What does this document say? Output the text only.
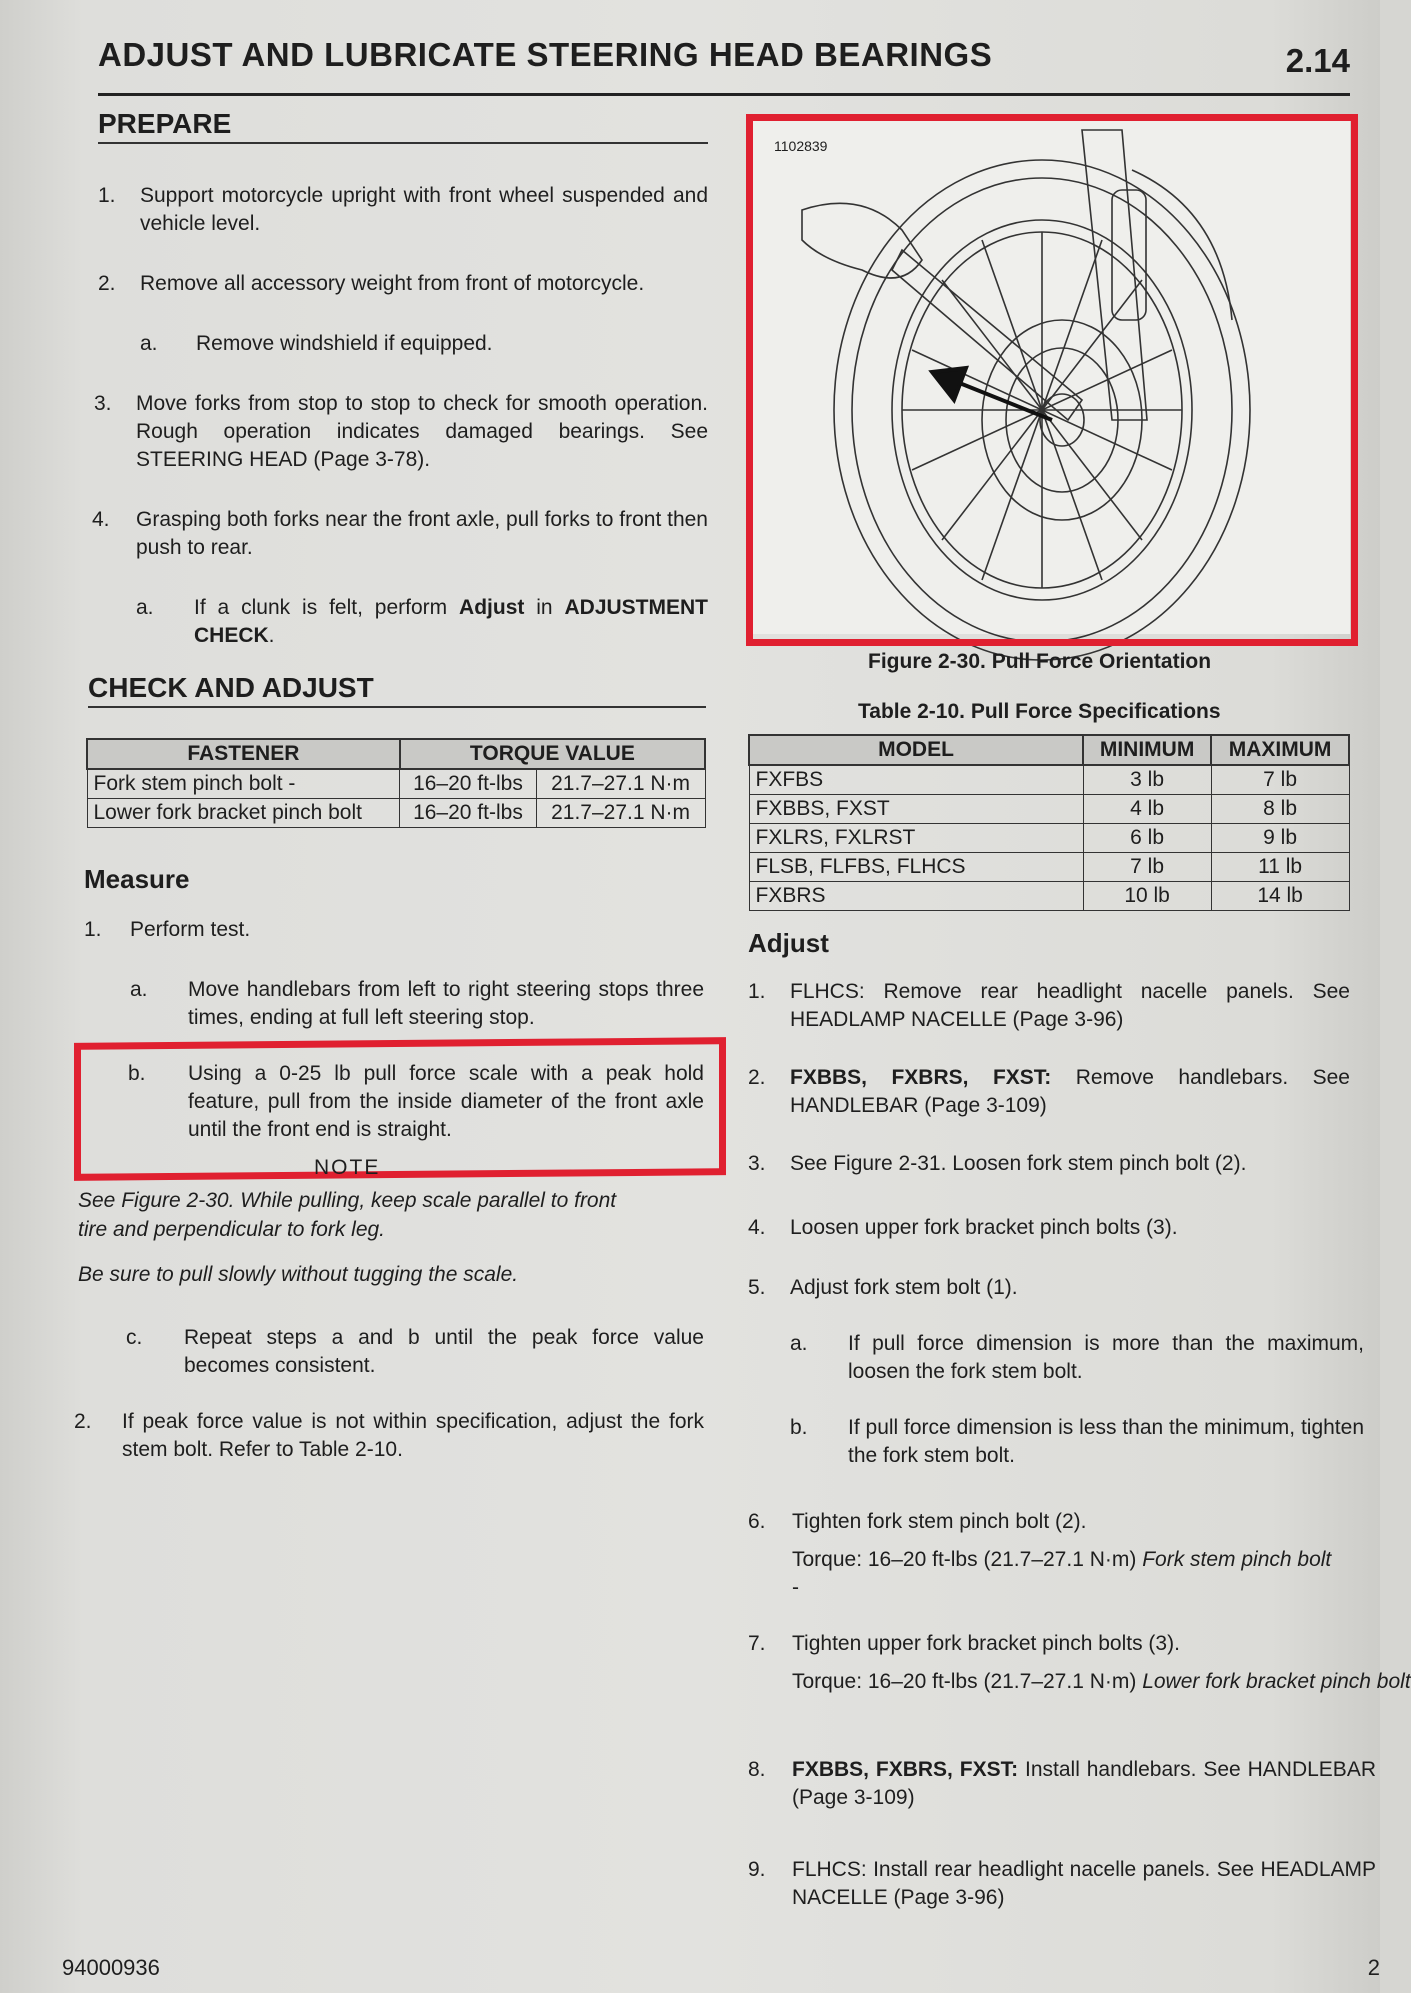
ADJUST AND LUBRICATE STEERING HEAD BEARINGS	2.14
PREPARE
1.	Support motorcycle upright with front wheel suspended and vehicle level.
2.	Remove all accessory weight from front of motorcycle.
a.	Remove windshield if equipped.
3.	Move forks from stop to stop to check for smooth operation. Rough operation indicates damaged bearings. See STEERING HEAD (Page 3-78).
4.	Grasping both forks near the front axle, pull forks to front then push to rear.
a.	If a clunk is felt, perform Adjust in ADJUSTMENT CHECK.
CHECK AND ADJUST
FASTENER	TORQUE VALUE	
Fork stem pinch bolt -	16–20 ft-lbs	21.7–27.1 N·m
Lower fork bracket pinch bolt	16–20 ft-lbs	21.7–27.1 N·m
Measure
1.	Perform test.
a.	Move handlebars from left to right steering stops three times, ending at full left steering stop.
b.	Using a 0-25 lb pull force scale with a peak hold feature, pull from the inside diameter of the front axle until the front end is straight.
NOTE
See Figure 2-30. While pulling, keep scale parallel to front tire and perpendicular to fork leg.
Be sure to pull slowly without tugging the scale.
c.	Repeat steps a and b until the peak force value becomes consistent.
2.	If peak force value is not within specification, adjust the fork stem bolt. Refer to Table 2-10.
1102839
Figure 2-30. Pull Force Orientation
Table 2-10. Pull Force Specifications
MODEL	MINIMUM	MAXIMUM
FXFBS	3 lb	7 lb
FXBBS, FXST	4 lb	8 lb
FXLRS, FXLRST	6 lb	9 lb
FLSB, FLFBS, FLHCS	7 lb	11 lb
FXBRS	10 lb	14 lb
Adjust
1.	FLHCS: Remove rear headlight nacelle panels. See HEADLAMP NACELLE (Page 3-96)
2.	FXBBS, FXBRS, FXST: Remove handlebars. See HANDLEBAR (Page 3-109)
3.	See Figure 2-31. Loosen fork stem pinch bolt (2).
4.	Loosen upper fork bracket pinch bolts (3).
5.	Adjust fork stem bolt (1).
a.	If pull force dimension is more than the maximum, loosen the fork stem bolt.
b.	If pull force dimension is less than the minimum, tighten the fork stem bolt.
6.	Tighten fork stem pinch bolt (2).
Torque: 16–20 ft-lbs (21.7–27.1 N·m) Fork stem pinch bolt
-
7.	Tighten upper fork bracket pinch bolts (3).
Torque: 16–20 ft-lbs (21.7–27.1 N·m) Lower fork bracket pinch bolt
8.	FXBBS, FXBRS, FXST: Install handlebars. See HANDLEBAR (Page 3-109)
9.	FLHCS: Install rear headlight nacelle panels. See HEADLAMP NACELLE (Page 3-96)
94000936	2
